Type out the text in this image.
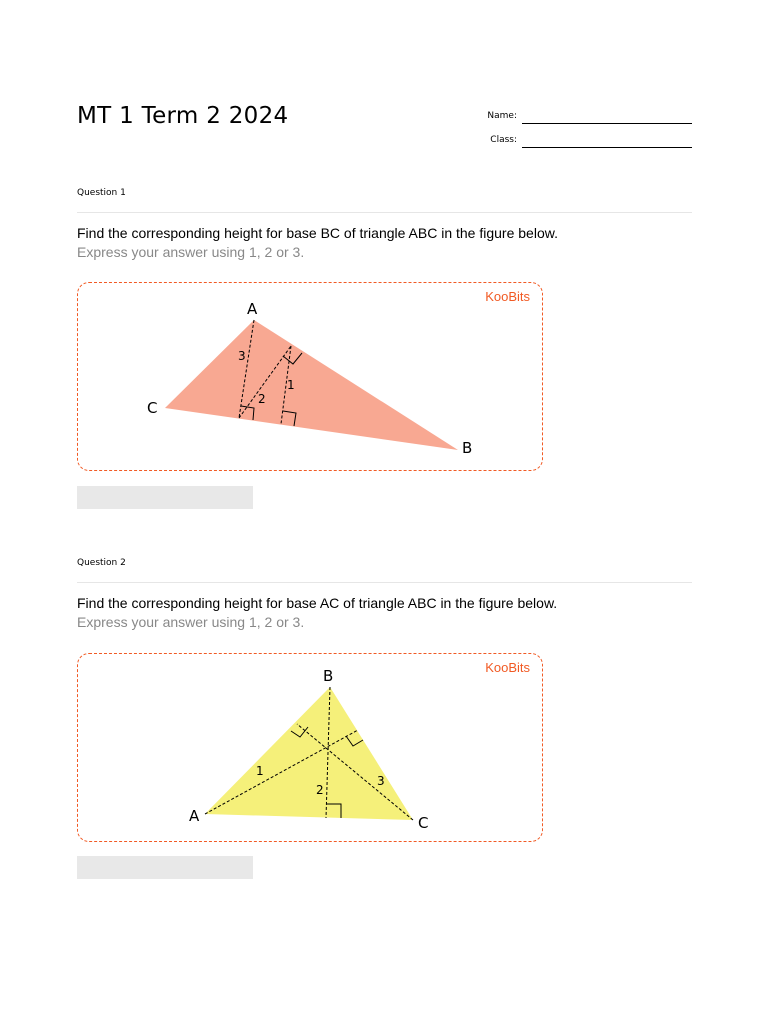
MT 1 Term 2 2024	Name:
Class:
Question 1
Find the corresponding height for base BC of triangle ABC in the figure below.
Express your answer using 1, 2 or 3.
KooBits
A
C
B
3
2
1
Question 2
Find the corresponding height for base AC of triangle ABC in the figure below.
Express your answer using 1, 2 or 3.
KooBits
B
A	C
1
2
3
